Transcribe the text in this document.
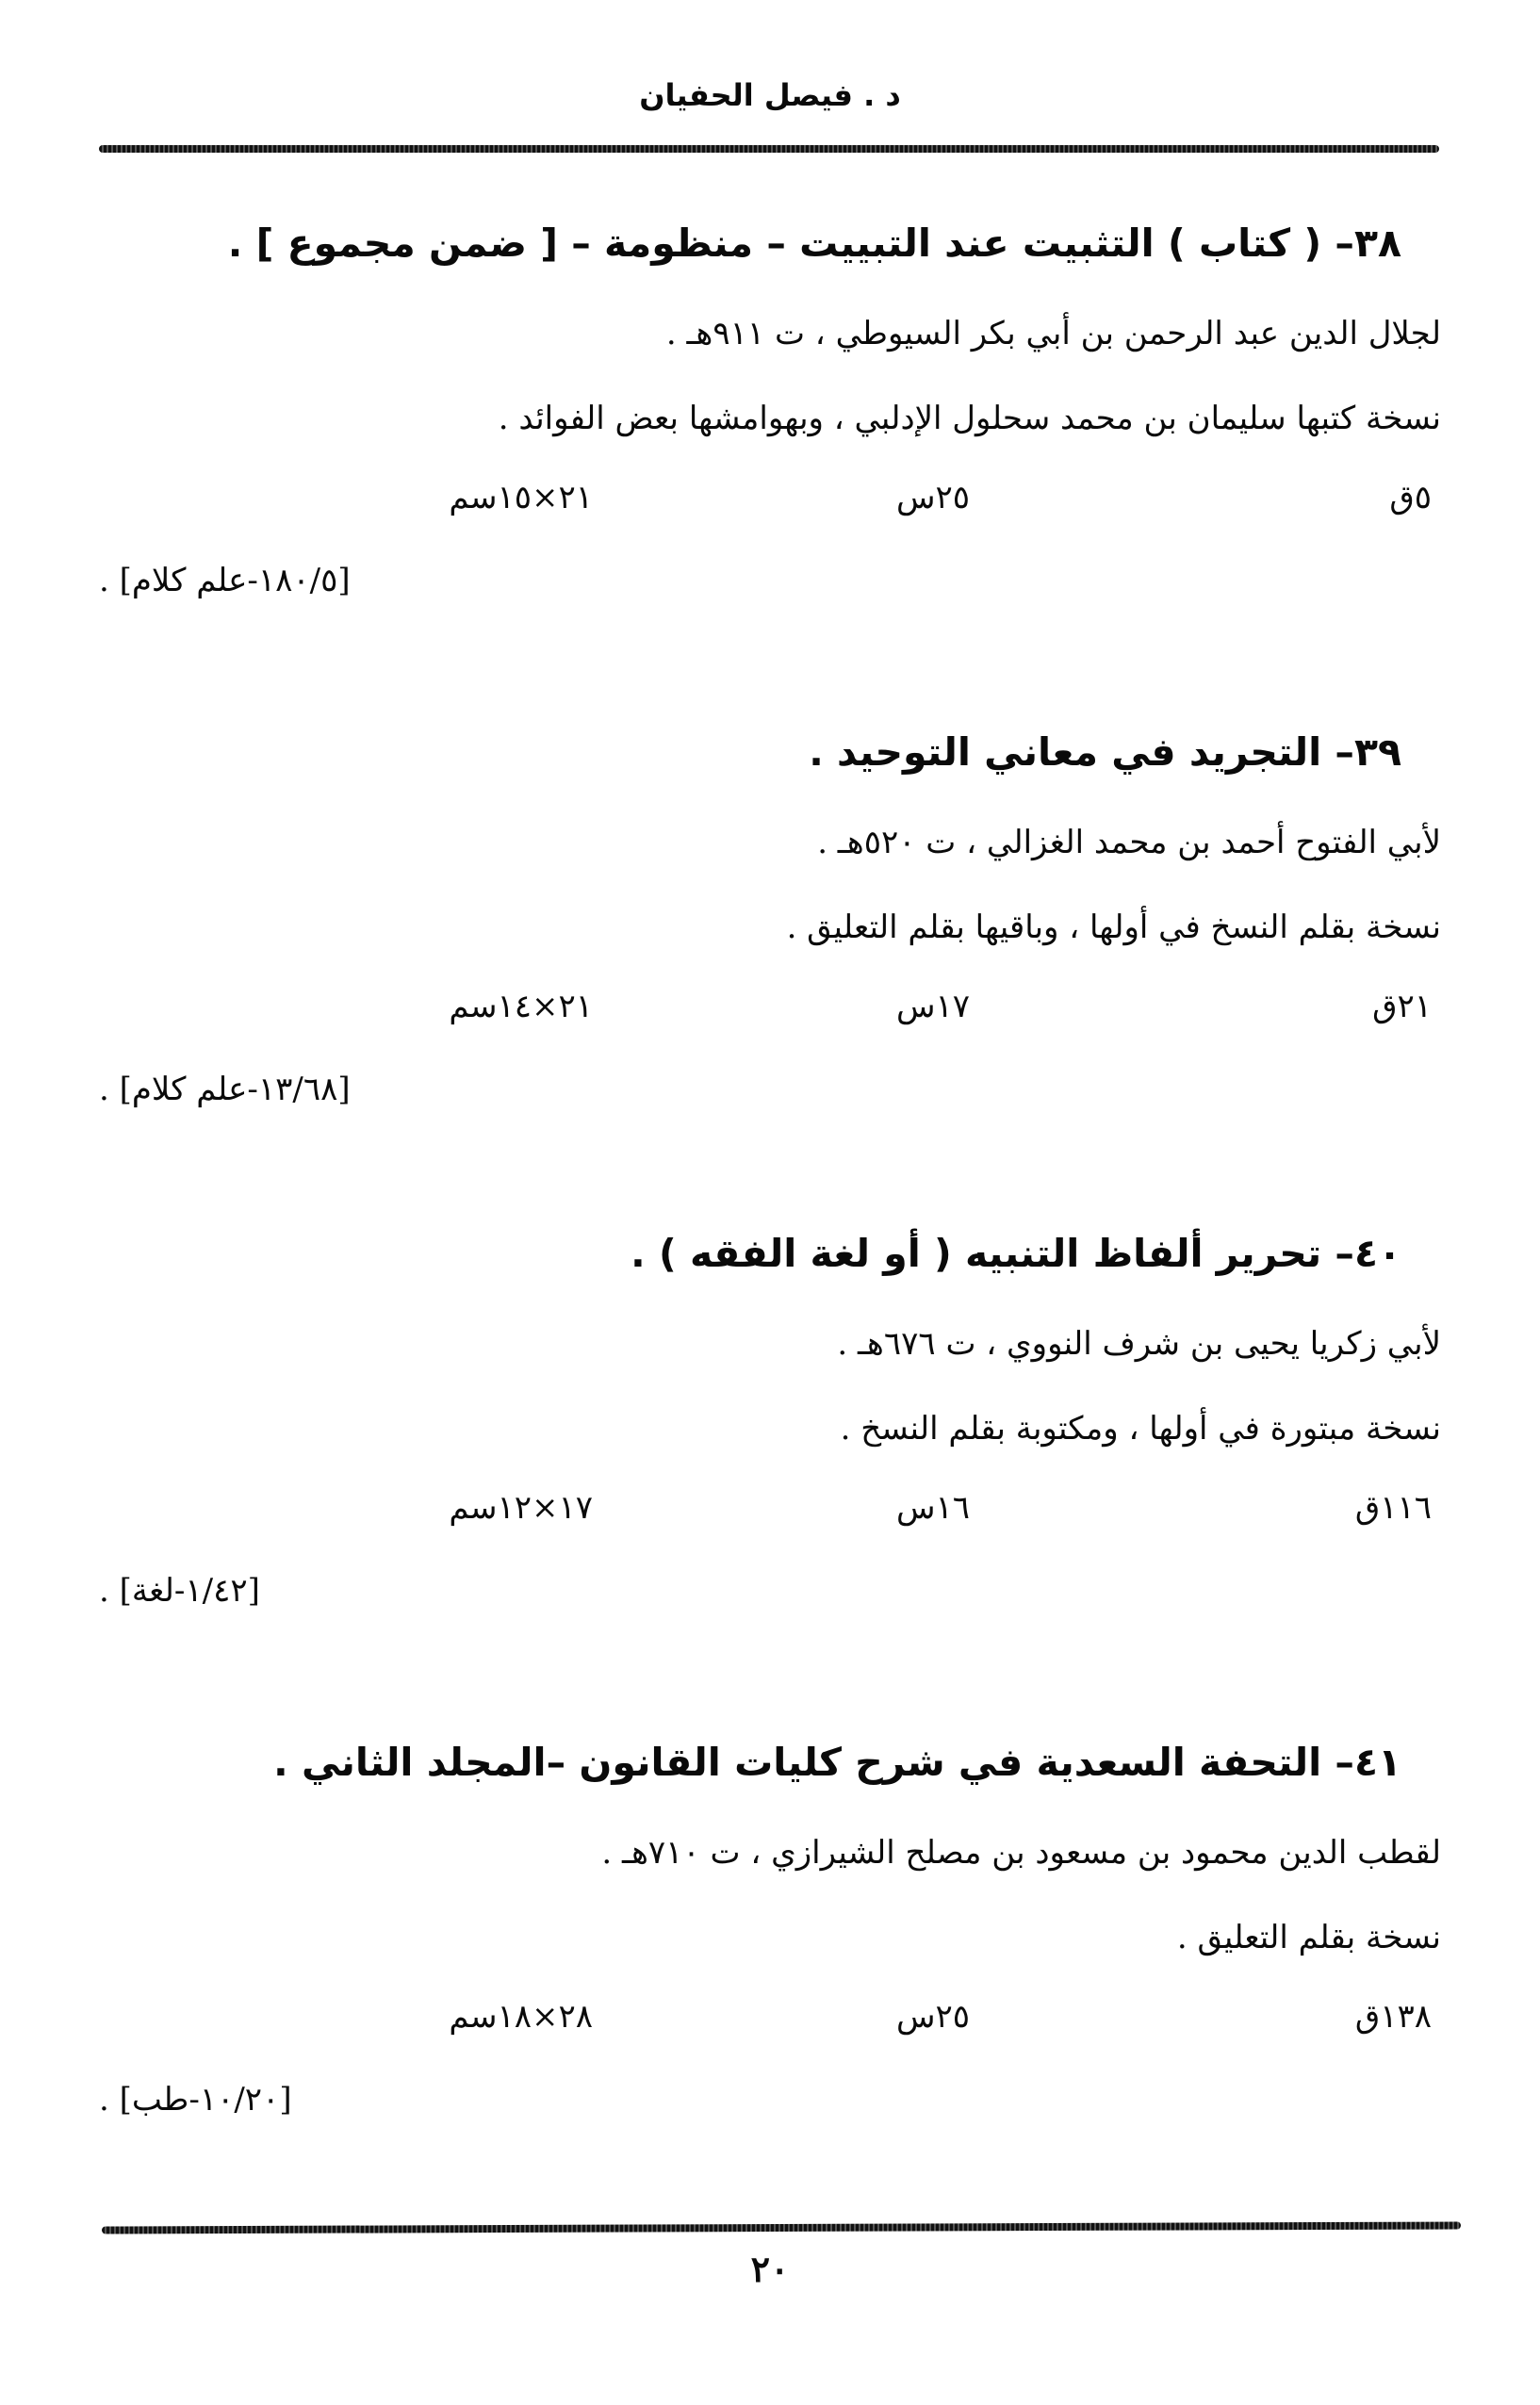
د . فيصل الحفيان
٣٨– ( كتاب ) التثبيت عند التبييت – منظومة – [ ضمن مجموع ] .
لجلال الدين عبد الرحمن بن أبي بكر السيوطي ، ت ٩١١هـ .
نسخة كتبها سليمان بن محمد سحلول الإدلبي ، وبهوامشها بعض الفوائد .
٥ق
٢٥س
٢١×١٥سم
[١٨٠/٥-علم كلام] .
٣٩– التجريد في معاني التوحيد .
لأبي الفتوح أحمد بن محمد الغزالي ، ت ٥٢٠هـ .
نسخة بقلم النسخ في أولها ، وباقيها بقلم التعليق .
٢١ق
١٧س
٢١×١٤سم
[١٣/٦٨-علم كلام] .
٤٠– تحرير ألفاظ التنبيه ( أو لغة الفقه ) .
لأبي زكريا يحيى بن شرف النووي ، ت ٦٧٦هـ .
نسخة مبتورة في أولها ، ومكتوبة بقلم النسخ .
١١٦ق
١٦س
١٧×١٢سم
[١/٤٢-لغة] .
٤١– التحفة السعدية في شرح كليات القانون –المجلد الثاني .
لقطب الدين محمود بن مسعود بن مصلح الشيرازي ، ت ٧١٠هـ .
نسخة بقلم التعليق .
١٣٨ق
٢٥س
٢٨×١٨سم
[١٠/٢٠-طب] .
٢٠
